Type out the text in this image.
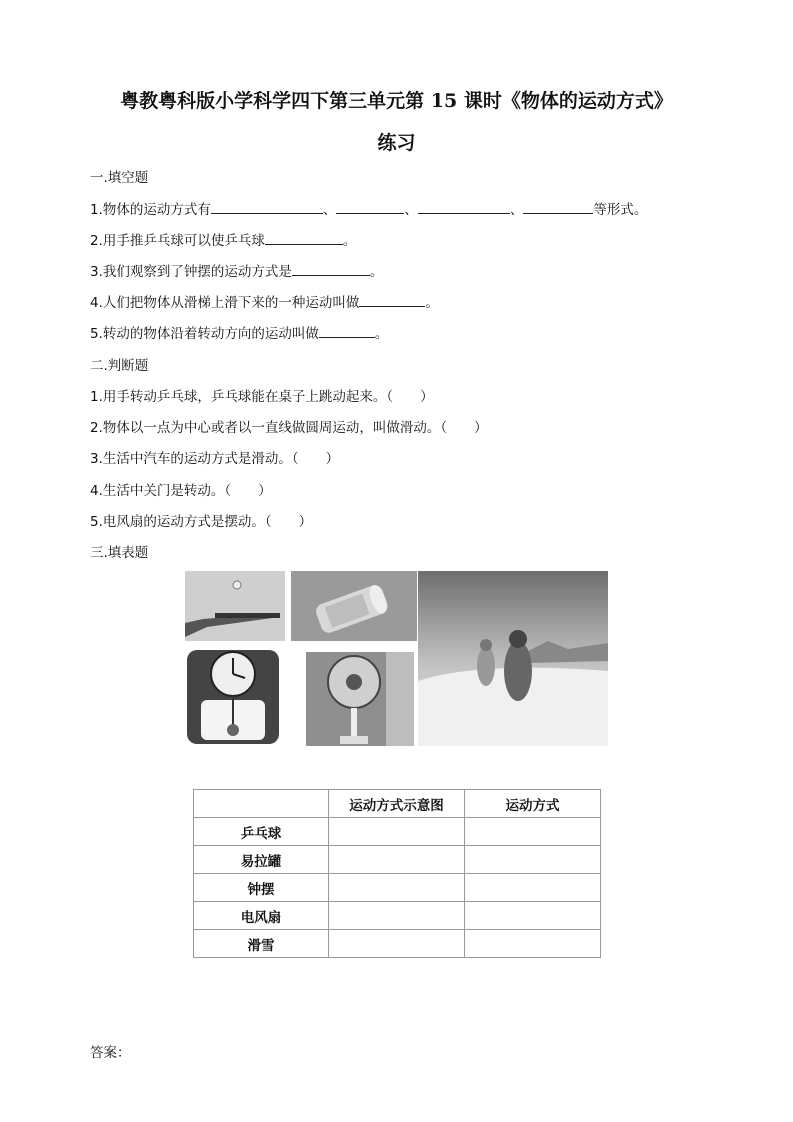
粤教粤科版小学科学四下第三单元第 15 课时《物体的运动方式》
练习
一.填空题
1.物体的运动方式有	、	、	、	等形式。
2.用手推乒乓球可以使乒乓球	。
3.我们观察到了钟摆的运动方式是	。
4.人们把物体从滑梯上滑下来的一种运动叫做	。
5.转动的物体沿着转动方向的运动叫做	。
二.判断题
1.用手转动乒乓球，乒乓球能在桌子上跳动起来。（　　）
2.物体以一点为中心或者以一直线做圆周运动，叫做滑动。（　　）
3.生活中汽车的运动方式是滑动。（　　）
4.生活中关门是转动。（　　）
5.电风扇的运动方式是摆动。（　　）
三.填表题
	运动方式示意图	运动方式
乒乓球		
易拉罐		
钟摆		
电风扇		
滑雪		
答案：
